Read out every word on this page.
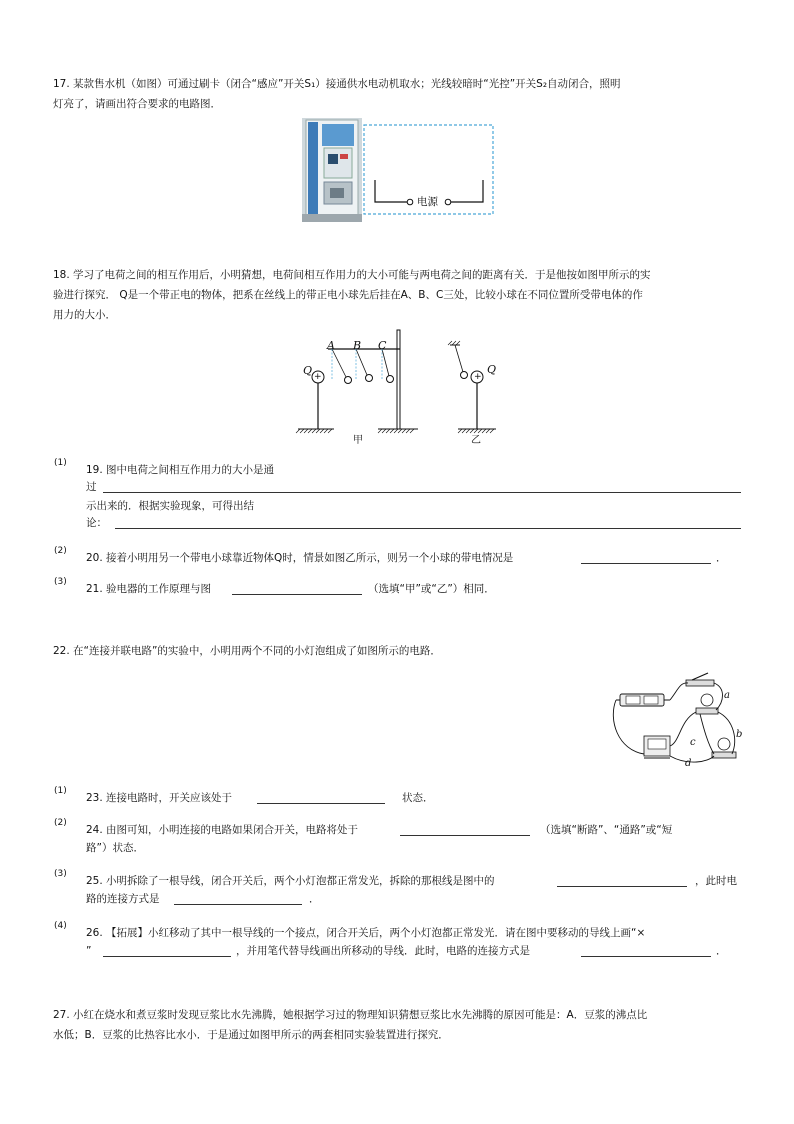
17. 某款售水机（如图）可通过刷卡（闭合“感应”开关S₁）接通供水电动机取水；光线较暗时“光控”开关S₂自动闭合，照明
灯亮了，请画出符合要求的电路图．
电源
18. 学习了电荷之间的相互作用后，小明猜想，电荷间相互作用力的大小可能与两电荷之间的距离有关．于是他按如图甲所示的实
验进行探究． Q是一个带正电的物体，把系在丝线上的带正电小球先后挂在A、B、C三处，比较小球在不同位置所受带电体的作
用力的大小．
Q +
A B C
甲
+
Q
乙
(1)
19. 图中电荷之间相互作用力的大小是通
过
示出来的．根据实验现象，可得出结
论：
(2)
20. 接着小明用另一个带电小球靠近物体Q时，情景如图乙所示，则另一个小球的带电情况是	．
(3)
21. 验电器的工作原理与图	（选填“甲”或“乙”）相同．
22. 在“连接并联电路”的实验中，小明用两个不同的小灯泡组成了如图所示的电路．
a
b
c
d
(1)
23. 连接电路时，开关应该处于	状态．
(2)
24. 由图可知，小明连接的电路如果闭合开关，电路将处于	（选填“断路”、“通路”或“短
路”）状态．
(3)
25. 小明拆除了一根导线，闭合开关后，两个小灯泡都正常发光，拆除的那根线是图中的	，此时电
路的连接方式是	．
(4)
26. 【拓展】小红移动了其中一根导线的一个接点，闭合开关后，两个小灯泡都正常发光．请在图中要移动的导线上画“×
”	，并用笔代替导线画出所移动的导线．此时，电路的连接方式是	．
27. 小红在烧水和煮豆浆时发现豆浆比水先沸腾，她根据学习过的物理知识猜想豆浆比水先沸腾的原因可能是：A．豆浆的沸点比
水低；B．豆浆的比热容比水小．于是通过如图甲所示的两套相同实验装置进行探究．
